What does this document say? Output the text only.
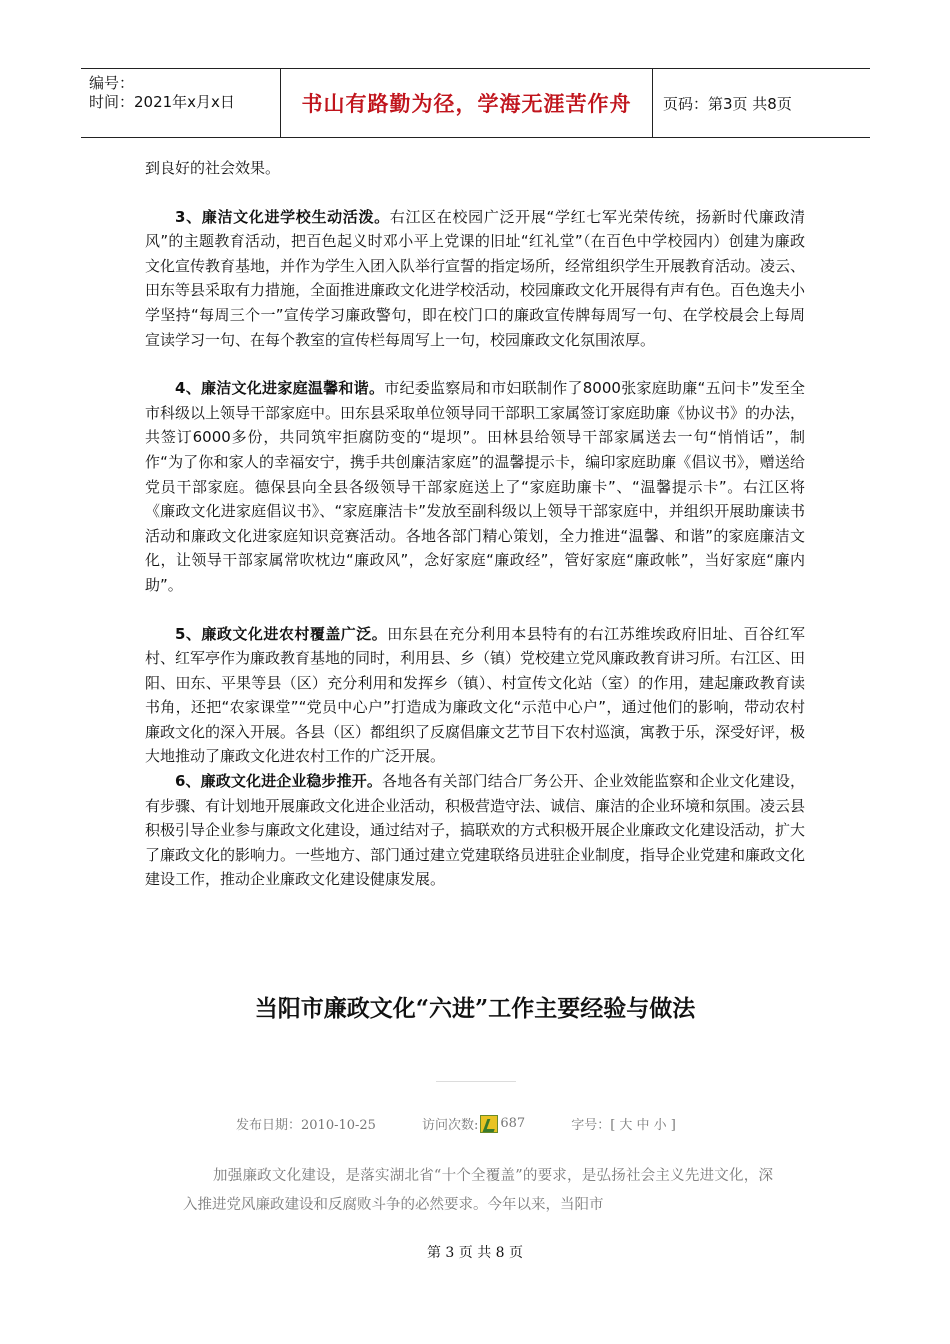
编号：
时间：2021年x月x日	书山有路勤为径，学海无涯苦作舟	页码：第3页 共8页

到良好的社会效果。

3、廉洁文化进学校生动活泼。右江区在校园广泛开展“学红七军光荣传统，扬新时代廉政清风”的主题教育活动，把百色起义时邓小平上党课的旧址“红礼堂”（在百色中学校园内）创建为廉政文化宣传教育基地，并作为学生入团入队举行宣誓的指定场所，经常组织学生开展教育活动。凌云、田东等县采取有力措施，全面推进廉政文化进学校活动，校园廉政文化开展得有声有色。百色逸夫小学坚持“每周三个一”宣传学习廉政警句，即在校门口的廉政宣传牌每周写一句、在学校晨会上每周宣读学习一句、在每个教室的宣传栏每周写上一句，校园廉政文化氛围浓厚。

4、廉洁文化进家庭温馨和谐。市纪委监察局和市妇联制作了8000张家庭助廉“五问卡”发至全市科级以上领导干部家庭中。田东县采取单位领导同干部职工家属签订家庭助廉《协议书》的办法，共签订6000多份，共同筑牢拒腐防变的“堤坝”。田林县给领导干部家属送去一句“悄悄话”，制作“为了你和家人的幸福安宁，携手共创廉洁家庭”的温馨提示卡，编印家庭助廉《倡议书》，赠送给党员干部家庭。德保县向全县各级领导干部家庭送上了“家庭助廉卡”、“温馨提示卡”。右江区将《廉政文化进家庭倡议书》、“家庭廉洁卡”发放至副科级以上领导干部家庭中，并组织开展助廉读书活动和廉政文化进家庭知识竞赛活动。各地各部门精心策划，全力推进“温馨、和谐”的家庭廉洁文化，让领导干部家属常吹枕边“廉政风”，念好家庭“廉政经”，管好家庭“廉政帐”，当好家庭“廉内助”。

5、廉政文化进农村覆盖广泛。田东县在充分利用本县特有的右江苏维埃政府旧址、百谷红军村、红军亭作为廉政教育基地的同时，利用县、乡（镇）党校建立党风廉政教育讲习所。右江区、田阳、田东、平果等县（区）充分利用和发挥乡（镇）、村宣传文化站（室）的作用，建起廉政教育读书角，还把“农家课堂”“党员中心户”打造成为廉政文化“示范中心户”，通过他们的影响，带动农村廉政文化的深入开展。各县（区）都组织了反腐倡廉文艺节目下农村巡演，寓教于乐，深受好评，极大地推动了廉政文化进农村工作的广泛开展。

6、廉政文化进企业稳步推开。各地各有关部门结合厂务公开、企业效能监察和企业文化建设，有步骤、有计划地开展廉政文化进企业活动，积极营造守法、诚信、廉洁的企业环境和氛围。凌云县积极引导企业参与廉政文化建设，通过结对子，搞联欢的方式积极开展企业廉政文化建设活动，扩大了廉政文化的影响力。一些地方、部门通过建立党建联络员进驻企业制度，指导企业党建和廉政文化建设工作，推动企业廉政文化建设健康发展。

当阳市廉政文化“六进”工作主要经验与做法
发布日期：2010-10-25	访问次数: 687	字号：[ 大 中 小 ]
加强廉政文化建设，是落实湖北省“十个全覆盖”的要求，是弘扬社会主义先进文化，深入推进党风廉政建设和反腐败斗争的必然要求。今年以来，当阳市
第 3 页 共 8 页
